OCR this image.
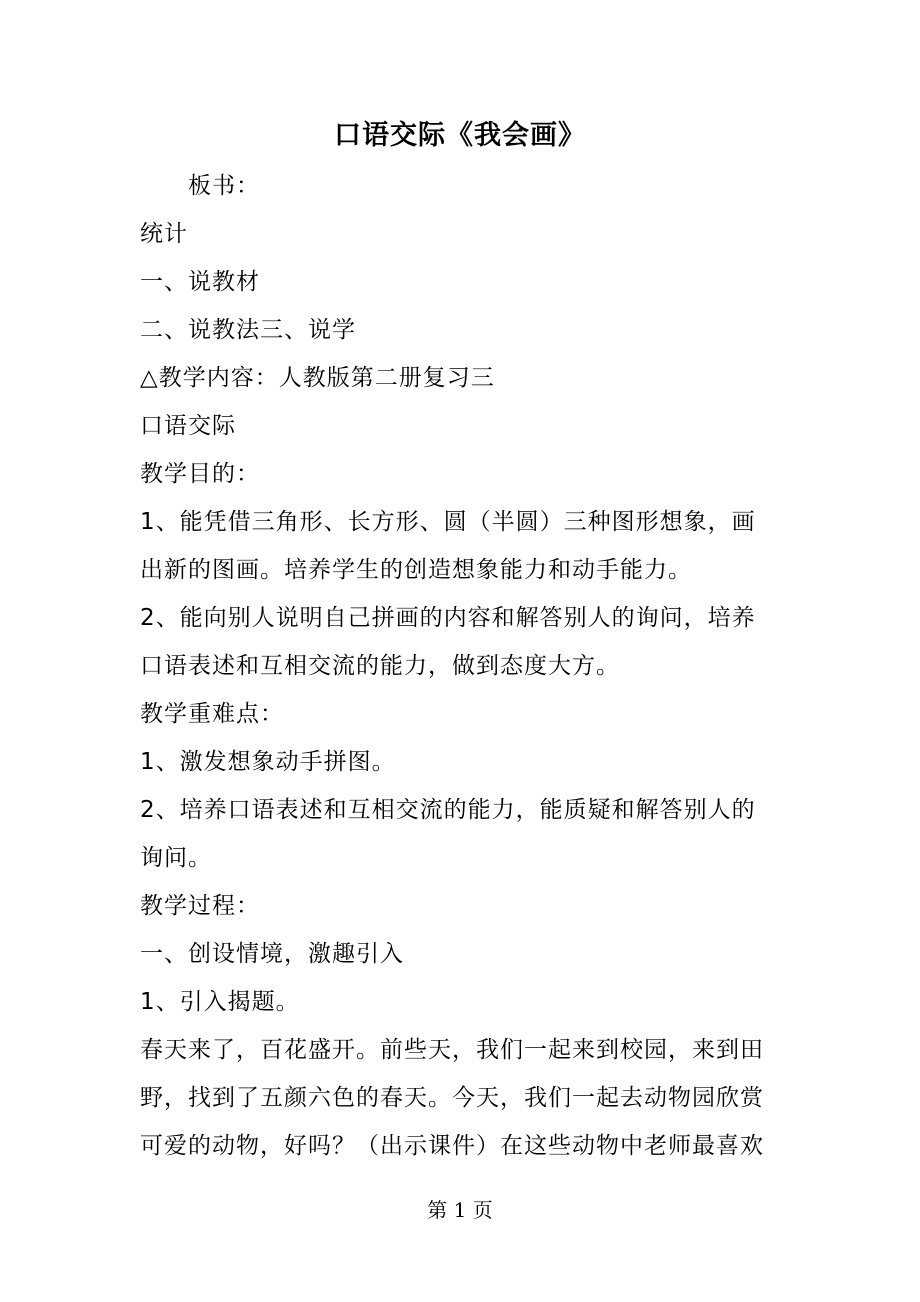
口语交际《我会画》
板书：
统计
一、说教材
二、说教法三、说学
△教学内容：人教版第二册复习三
口语交际
教学目的：
1、能凭借三角形、长方形、圆（半圆）三种图形想象，画
出新的图画。培养学生的创造想象能力和动手能力。
2、能向别人说明自己拼画的内容和解答别人的询问，培养
口语表述和互相交流的能力，做到态度大方。
教学重难点：
1、激发想象动手拼图。
2、培养口语表述和互相交流的能力，能质疑和解答别人的
询问。
教学过程：
一、创设情境，激趣引入
1、引入揭题。
春天来了，百花盛开。前些天，我们一起来到校园，来到田
野，找到了五颜六色的春天。今天，我们一起去动物园欣赏
可爱的动物，好吗？（出示课件）在这些动物中老师最喜欢
第 1 页
